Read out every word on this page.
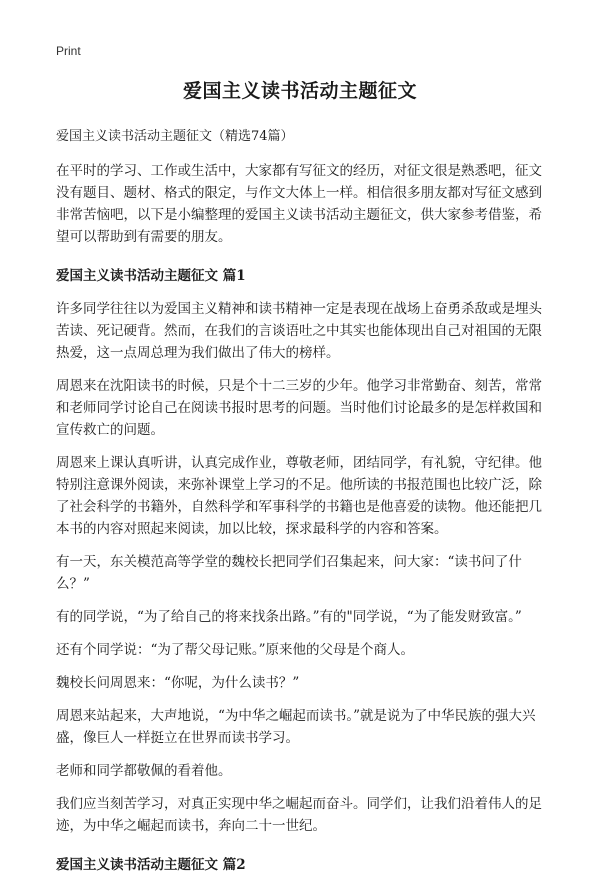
Print
爱国主义读书活动主题征文
爱国主义读书活动主题征文（精选74篇）

在平时的学习、工作或生活中，大家都有写征文的经历，对征文很是熟悉吧，征文没有题目、题材、格式的限定，与作文大体上一样。相信很多朋友都对写征文感到非常苦恼吧，以下是小编整理的爱国主义读书活动主题征文，供大家参考借鉴，希望可以帮助到有需要的朋友。

爱国主义读书活动主题征文 篇1

许多同学往往以为爱国主义精神和读书精神一定是表现在战场上奋勇杀敌或是埋头苦读、死记硬背。然而，在我们的言谈语吐之中其实也能体现出自己对祖国的无限热爱，这一点周总理为我们做出了伟大的榜样。

周恩来在沈阳读书的时候，只是个十二三岁的少年。他学习非常勤奋、刻苦，常常和老师同学讨论自己在阅读书报时思考的问题。当时他们讨论最多的是怎样救国和宣传救亡的问题。

周恩来上课认真听讲，认真完成作业，尊敬老师，团结同学，有礼貌，守纪律。他特别注意课外阅读，来弥补课堂上学习的不足。他所读的书报范围也比较广泛，除了社会科学的书籍外，自然科学和军事科学的书籍也是他喜爱的读物。他还能把几本书的内容对照起来阅读，加以比较，探求最科学的内容和答案。

有一天，东关模范高等学堂的魏校长把同学们召集起来，问大家：“读书问了什么？”

有的同学说，“为了给自己的将来找条出路。”有的"同学说，“为了能发财致富。”

还有个同学说：“为了帮父母记账。”原来他的父母是个商人。

魏校长问周恩来：“你呢，为什么读书？”

周恩来站起来，大声地说，“为中华之崛起而读书。”就是说为了中华民族的强大兴盛，像巨人一样挺立在世界而读书学习。

老师和同学都敬佩的看着他。

我们应当刻苦学习，对真正实现中华之崛起而奋斗。同学们，让我们沿着伟人的足迹，为中华之崛起而读书，奔向二十一世纪。

爱国主义读书活动主题征文 篇2
